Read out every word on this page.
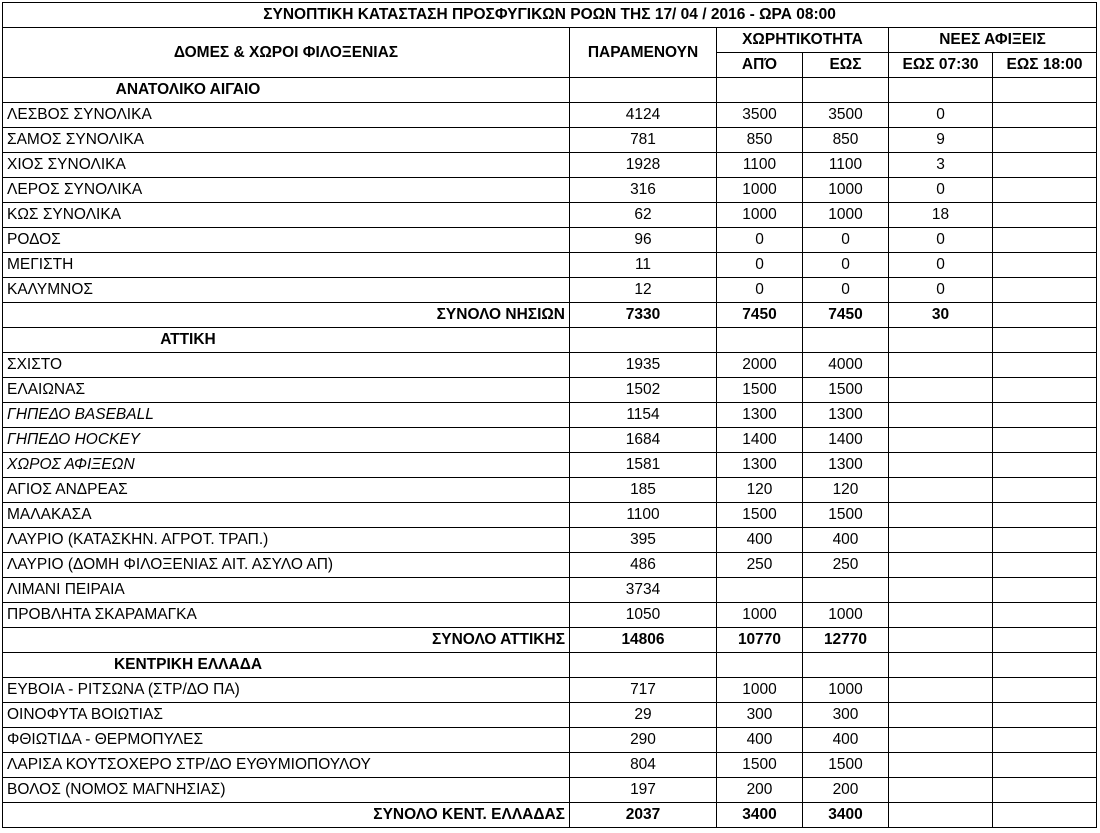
ΣΥΝΟΠΤΙΚΗ ΚΑΤΑΣΤΑΣΗ ΠΡΟΣΦΥΓΙΚΩΝ ΡΟΩΝ ΤΗΣ 17/ 04 / 2016 - ΩΡΑ 08:00					
ΔΟΜΕΣ & ΧΩΡΟΙ ΦΙΛΟΞΕΝΙΑΣ	ΠΑΡΑΜΕΝΟΥΝ	ΧΩΡΗΤΙΚΟΤΗΤΑ		ΝΕΕΣ ΑΦΙΞΕΙΣ	
		ΑΠΌ	ΕΩΣ	ΕΩΣ 07:30	ΕΩΣ 18:00
ΑΝΑΤΟΛΙΚΟ ΑΙΓΑΙΟ					
ΛΕΣΒΟΣ ΣΥΝΟΛΙΚΑ	4124	3500	3500	0	
ΣΑΜΟΣ ΣΥΝΟΛΙΚΑ	781	850	850	9	
ΧΙΟΣ ΣΥΝΟΛΙΚΑ	1928	1100	1100	3	
ΛΕΡΟΣ ΣΥΝΟΛΙΚΑ	316	1000	1000	0	
ΚΩΣ ΣΥΝΟΛΙΚΑ	62	1000	1000	18	
ΡΟΔΟΣ	96	0	0	0	
ΜΕΓΙΣΤΗ	11	0	0	0	
ΚΑΛΥΜΝΟΣ	12	0	0	0	
ΣΥΝΟΛΟ ΝΗΣΙΩΝ	7330	7450	7450	30	
ΑΤΤΙΚΗ					
ΣΧΙΣΤΟ	1935	2000	4000		
ΕΛΑΙΩΝΑΣ	1502	1500	1500		
ΓΗΠΕΔΟ BASEBALL	1154	1300	1300		
ΓΗΠΕΔΟ HOCKEY	1684	1400	1400		
ΧΩΡΟΣ ΑΦΙΞΕΩΝ	1581	1300	1300		
ΑΓΙΟΣ ΑΝΔΡΕΑΣ	185	120	120		
ΜΑΛΑΚΑΣΑ	1100	1500	1500		
ΛΑΥΡΙΟ (ΚΑΤΑΣΚΗΝ. ΑΓΡΟΤ. ΤΡΑΠ.)	395	400	400		
ΛΑΥΡΙΟ (ΔΟΜΗ ΦΙΛΟΞΕΝΙΑΣ ΑΙΤ. ΑΣΥΛΟ ΑΠ)	486	250	250		
ΛΙΜΑΝΙ ΠΕΙΡΑΙΑ	3734				
ΠΡΟΒΛΗΤΑ ΣΚΑΡΑΜΑΓΚΑ	1050	1000	1000		
ΣΥΝΟΛΟ ΑΤΤΙΚΗΣ	14806	10770	12770		
ΚΕΝΤΡΙΚΗ ΕΛΛΑΔΑ					
ΕΥΒΟΙΑ - ΡΙΤΣΩΝΑ (ΣΤΡ/ΔΟ ΠΑ)	717	1000	1000		
ΟΙΝΟΦΥΤΑ ΒΟΙΩΤΙΑΣ	29	300	300		
ΦΘΙΩΤΙΔΑ - ΘΕΡΜΟΠΥΛΕΣ	290	400	400		
ΛΑΡΙΣΑ ΚΟΥΤΣΟΧΕΡΟ ΣΤΡ/ΔΟ ΕΥΘΥΜΙΟΠΟΥΛΟΥ	804	1500	1500		
ΒΟΛΟΣ (ΝΟΜΟΣ ΜΑΓΝΗΣΙΑΣ)	197	200	200		
ΣΥΝΟΛΟ ΚΕΝΤ. ΕΛΛΑΔΑΣ	2037	3400	3400		
